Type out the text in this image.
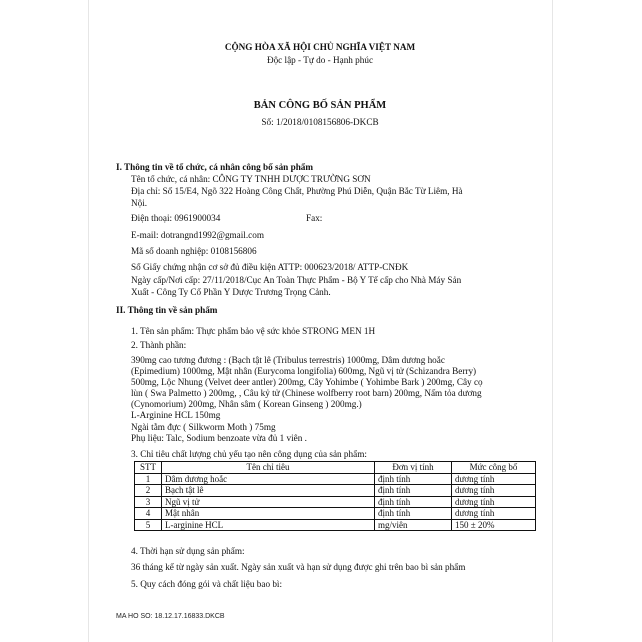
CỘNG HÒA XÃ HỘI CHỦ NGHĨA VIỆT NAM
Độc lập - Tự do - Hạnh phúc
BẢN CÔNG BỐ SẢN PHẨM
Số: 1/2018/0108156806-DKCB
I. Thông tin về tổ chức, cá nhân công bố sản phẩm
Tên tổ chức, cá nhân: CÔNG TY TNHH DƯỢC TRƯỜNG SƠN
Địa chỉ: Số 15/E4, Ngõ 322 Hoàng Công Chất, Phường Phú Diễn, Quận Bắc Từ Liêm, Hà
Nội.
Điện thoại: 0961900034	Fax:
E-mail: dotrangnd1992@gmail.com
Mã số doanh nghiệp: 0108156806
Số Giấy chứng nhận cơ sở đủ điều kiện ATTP: 000623/2018/ ATTP-CNĐK
Ngày cấp/Nơi cấp: 27/11/2018/Cục An Toàn Thực Phẩm - Bộ Y Tế cấp cho Nhà Máy Sản
Xuất - Công Ty Cổ Phần Y Dược Trương Trọng Cảnh.
II. Thông tin về sản phẩm
1. Tên sản phẩm: Thực phẩm bảo vệ sức khỏe STRONG MEN 1H
2. Thành phần:
390mg cao tương đương : (Bạch tật lê (Tribulus terrestris) 1000mg, Dâm dương hoắc
(Epimedium) 1000mg, Mật nhân (Eurycoma longifolia) 600mg, Ngũ vị tử (Schizandra Berry)
500mg, Lộc Nhung (Velvet deer antler) 200mg, Cây Yohimbe ( Yohimbe Bark ) 200mg, Cây cọ
lùn ( Swa Palmetto ) 200mg, , Câu kỷ tử (Chinese wolfberry root barn) 200mg, Nấm tỏa dương
(Cynomorium) 200mg, Nhân sâm ( Korean Ginseng ) 200mg.)
L-Arginine HCL 150mg
Ngài tằm đực ( Silkworm Moth ) 75mg
Phụ liệu: Talc, Sodium benzoate vừa đủ 1 viên .
3. Chỉ tiêu chất lượng chủ yếu tạo nên công dụng của sản phẩm:
STT	Tên chỉ tiêu	Đơn vị tính	Mức công bố
1	Dâm dương hoắc	định tính	dương tính
2	Bạch tật lê	định tính	dương tính
3	Ngũ vị tử	định tính	dương tính
4	Mật nhân	định tính	dương tính
5	L-arginine HCL	mg/viên	150 ± 20%
4. Thời hạn sử dụng sản phẩm:
36 tháng kể từ ngày sản xuất. Ngày sản xuất và hạn sử dụng được ghi trên bao bì sản phẩm
5. Quy cách đóng gói và chất liệu bao bì:
MA HO SO: 18.12.17.16833.DKCB
